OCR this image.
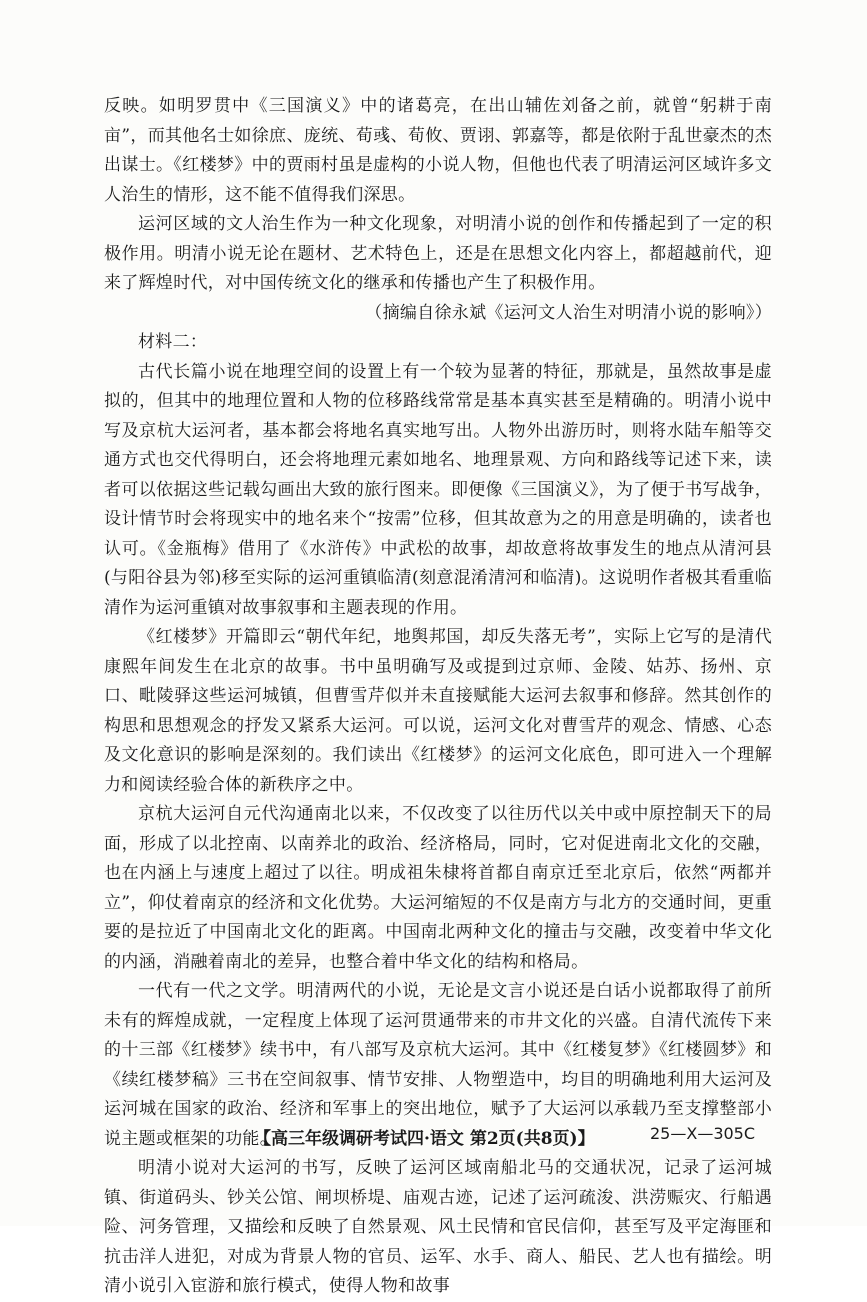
反映。如明罗贯中《三国演义》中的诸葛亮，在出山辅佐刘备之前，就曾“躬耕于南亩”，而其他名士如徐庶、庞统、荀彧、荀攸、贾诩、郭嘉等，都是依附于乱世豪杰的杰出谋士。《红楼梦》中的贾雨村虽是虚构的小说人物，但他也代表了明清运河区域许多文人治生的情形，这不能不值得我们深思。

运河区域的文人治生作为一种文化现象，对明清小说的创作和传播起到了一定的积极作用。明清小说无论在题材、艺术特色上，还是在思想文化内容上，都超越前代，迎来了辉煌时代，对中国传统文化的继承和传播也产生了积极作用。

（摘编自徐永斌《运河文人治生对明清小说的影响》）

材料二：

古代长篇小说在地理空间的设置上有一个较为显著的特征，那就是，虽然故事是虚拟的，但其中的地理位置和人物的位移路线常常是基本真实甚至是精确的。明清小说中写及京杭大运河者，基本都会将地名真实地写出。人物外出游历时，则将水陆车船等交通方式也交代得明白，还会将地理元素如地名、地理景观、方向和路线等记述下来，读者可以依据这些记载勾画出大致的旅行图来。即便像《三国演义》，为了便于书写战争，设计情节时会将现实中的地名来个“按需”位移，但其故意为之的用意是明确的，读者也认可。《金瓶梅》借用了《水浒传》中武松的故事，却故意将故事发生的地点从清河县(与阳谷县为邻)移至实际的运河重镇临清(刻意混淆清河和临清)。这说明作者极其看重临清作为运河重镇对故事叙事和主题表现的作用。

《红楼梦》开篇即云“朝代年纪，地舆邦国，却反失落无考”，实际上它写的是清代康熙年间发生在北京的故事。书中虽明确写及或提到过京师、金陵、姑苏、扬州、京口、毗陵驿这些运河城镇，但曹雪芹似并未直接赋能大运河去叙事和修辞。然其创作的构思和思想观念的抒发又紧系大运河。可以说，运河文化对曹雪芹的观念、情感、心态及文化意识的影响是深刻的。我们读出《红楼梦》的运河文化底色，即可进入一个理解力和阅读经验合体的新秩序之中。

京杭大运河自元代沟通南北以来，不仅改变了以往历代以关中或中原控制天下的局面，形成了以北控南、以南养北的政治、经济格局，同时，它对促进南北文化的交融，也在内涵上与速度上超过了以往。明成祖朱棣将首都自南京迁至北京后，依然“两都并立”，仰仗着南京的经济和文化优势。大运河缩短的不仅是南方与北方的交通时间，更重要的是拉近了中国南北文化的距离。中国南北两种文化的撞击与交融，改变着中华文化的内涵，消融着南北的差异，也整合着中华文化的结构和格局。

一代有一代之文学。明清两代的小说，无论是文言小说还是白话小说都取得了前所未有的辉煌成就，一定程度上体现了运河贯通带来的市井文化的兴盛。自清代流传下来的十三部《红楼梦》续书中，有八部写及京杭大运河。其中《红楼复梦》《红楼圆梦》和《续红楼梦稿》三书在空间叙事、情节安排、人物塑造中，均目的明确地利用大运河及运河城在国家的政治、经济和军事上的突出地位，赋予了大运河以承载乃至支撑整部小说主题或框架的功能。

明清小说对大运河的书写，反映了运河区域南船北马的交通状况，记录了运河城镇、街道码头、钞关公馆、闸坝桥堤、庙观古迹，记述了运河疏浚、洪涝赈灾、行船遇险、河务管理，又描绘和反映了自然景观、风土民情和官民信仰，甚至写及平定海匪和抗击洋人进犯，对成为背景人物的官员、运军、水手、商人、船民、艺人也有描绘。明清小说引入宦游和旅行模式，使得人物和故事

【高三年级调研考试四·语文 第2页(共8页)】	25—X—305C
